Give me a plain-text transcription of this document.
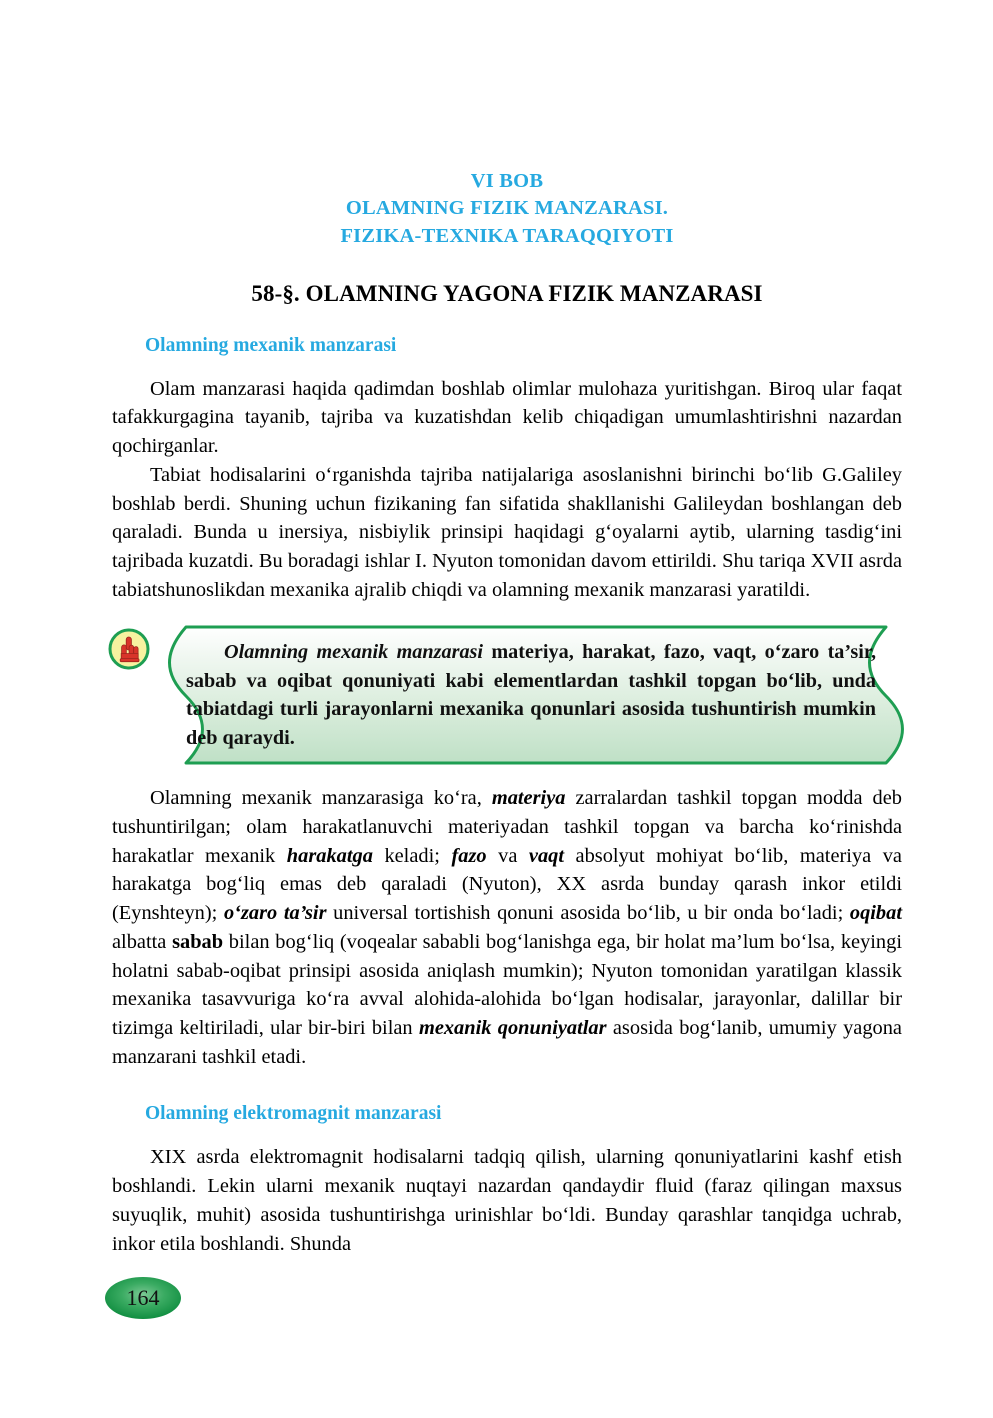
VI BOB
OLAMNING FIZIK MANZARASI.
FIZIKA-TEXNIKA TARAQQIYOTI
58-§. OLAMNING YAGONA FIZIK MANZARASI
Olamning mexanik manzarasi

Olam manzarasi haqida qadimdan boshlab olimlar mulohaza yuritishgan. Biroq ular faqat tafakkurgagina tayanib, tajriba va kuzatishdan kelib chiqadigan umumlashtirishni nazardan qochirganlar.

Tabiat hodisalarini o‘rganishda tajriba natijalariga asoslanishni birinchi bo‘lib G.Galiley boshlab berdi. Shuning uchun fizikaning fan sifatida shakllanishi Galileydan boshlangan deb qaraladi. Bunda u inersiya, nisbiylik prinsipi haqidagi g‘oyalarni aytib, ularning tasdig‘ini tajribada kuzatdi. Bu boradagi ishlar I. Nyuton tomonidan davom ettirildi. Shu tariqa XVII asrda tabiatshunoslikdan mexanika ajralib chiqdi va olamning mexanik manzarasi yaratildi.

Olamning mexanik manzarasi materiya, harakat, fazo, vaqt, o‘zaro ta’sir, sabab va oqibat qonuniyati kabi elementlardan tashkil topgan bo‘lib, unda tabiatdagi turli jarayonlarni mexanika qonunlari asosida tushuntirish mumkin deb qaraydi.

Olamning mexanik manzarasiga ko‘ra, materiya zarralardan tashkil topgan modda deb tushuntirilgan; olam harakatlanuvchi materiyadan tashkil topgan va barcha ko‘rinishda harakatlar mexanik harakatga keladi; fazo va vaqt absolyut mohiyat bo‘lib, materiya va harakatga bog‘liq emas deb qaraladi (Nyuton), XX asrda bunday qarash inkor etildi (Eynshteyn); o‘zaro ta’sir universal tortishish qonuni asosida bo‘lib, u bir onda bo‘ladi; oqibat albatta sabab bilan bog‘liq (voqealar sababli bog‘lanishga ega, bir holat ma’lum bo‘lsa, keyingi holatni sabab-oqibat prinsipi asosida aniqlash mumkin); Nyuton tomonidan yaratilgan klassik mexanika tasavvuriga ko‘ra avval alohida-alohida bo‘lgan hodisalar, jarayonlar, dalillar bir tizimga keltiriladi, ular bir-biri bilan mexanik qonuniyatlar asosida bog‘lanib, umumiy yagona manzarani tashkil etadi.

Olamning elektromagnit manzarasi

XIX asrda elektromagnit hodisalarni tadqiq qilish, ularning qonuniyatlarini kashf etish boshlandi. Lekin ularni mexanik nuqtayi nazardan qandaydir fluid (faraz qilingan maxsus suyuqlik, muhit) asosida tushuntirishga urinishlar bo‘ldi. Bunday qarashlar tanqidga uchrab, inkor etila boshlandi. Shunda

164
